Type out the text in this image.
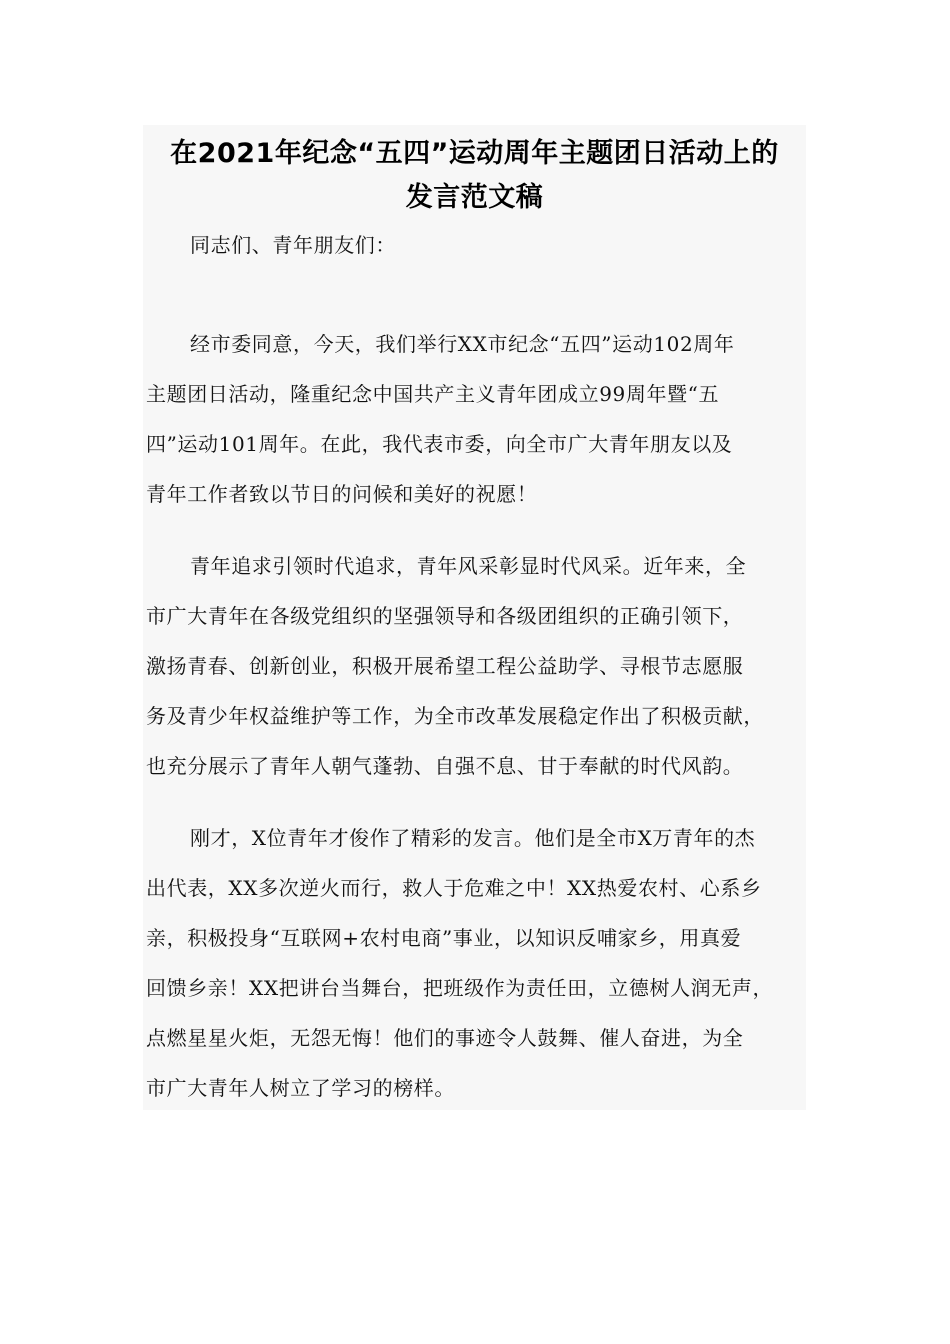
在2021年纪念“五四”运动周年主题团日活动上的
发言范文稿

同志们、青年朋友们：

经市委同意，今天，我们举行XX市纪念“五四”运动102周年
主题团日活动，隆重纪念中国共产主义青年团成立99周年暨“五
四”运动101周年。在此，我代表市委，向全市广大青年朋友以及
青年工作者致以节日的问候和美好的祝愿！

青年追求引领时代追求，青年风采彰显时代风采。近年来，全
市广大青年在各级党组织的坚强领导和各级团组织的正确引领下，
激扬青春、创新创业，积极开展希望工程公益助学、寻根节志愿服
务及青少年权益维护等工作，为全市改革发展稳定作出了积极贡献，
也充分展示了青年人朝气蓬勃、自强不息、甘于奉献的时代风韵。

刚才，X位青年才俊作了精彩的发言。他们是全市X万青年的杰
出代表，XX多次逆火而行，救人于危难之中！XX热爱农村、心系乡
亲，积极投身“互联网+农村电商”事业，以知识反哺家乡，用真爱
回馈乡亲！XX把讲台当舞台，把班级作为责任田，立德树人润无声，
点燃星星火炬，无怨无悔！他们的事迹令人鼓舞、催人奋进，为全
市广大青年人树立了学习的榜样。
